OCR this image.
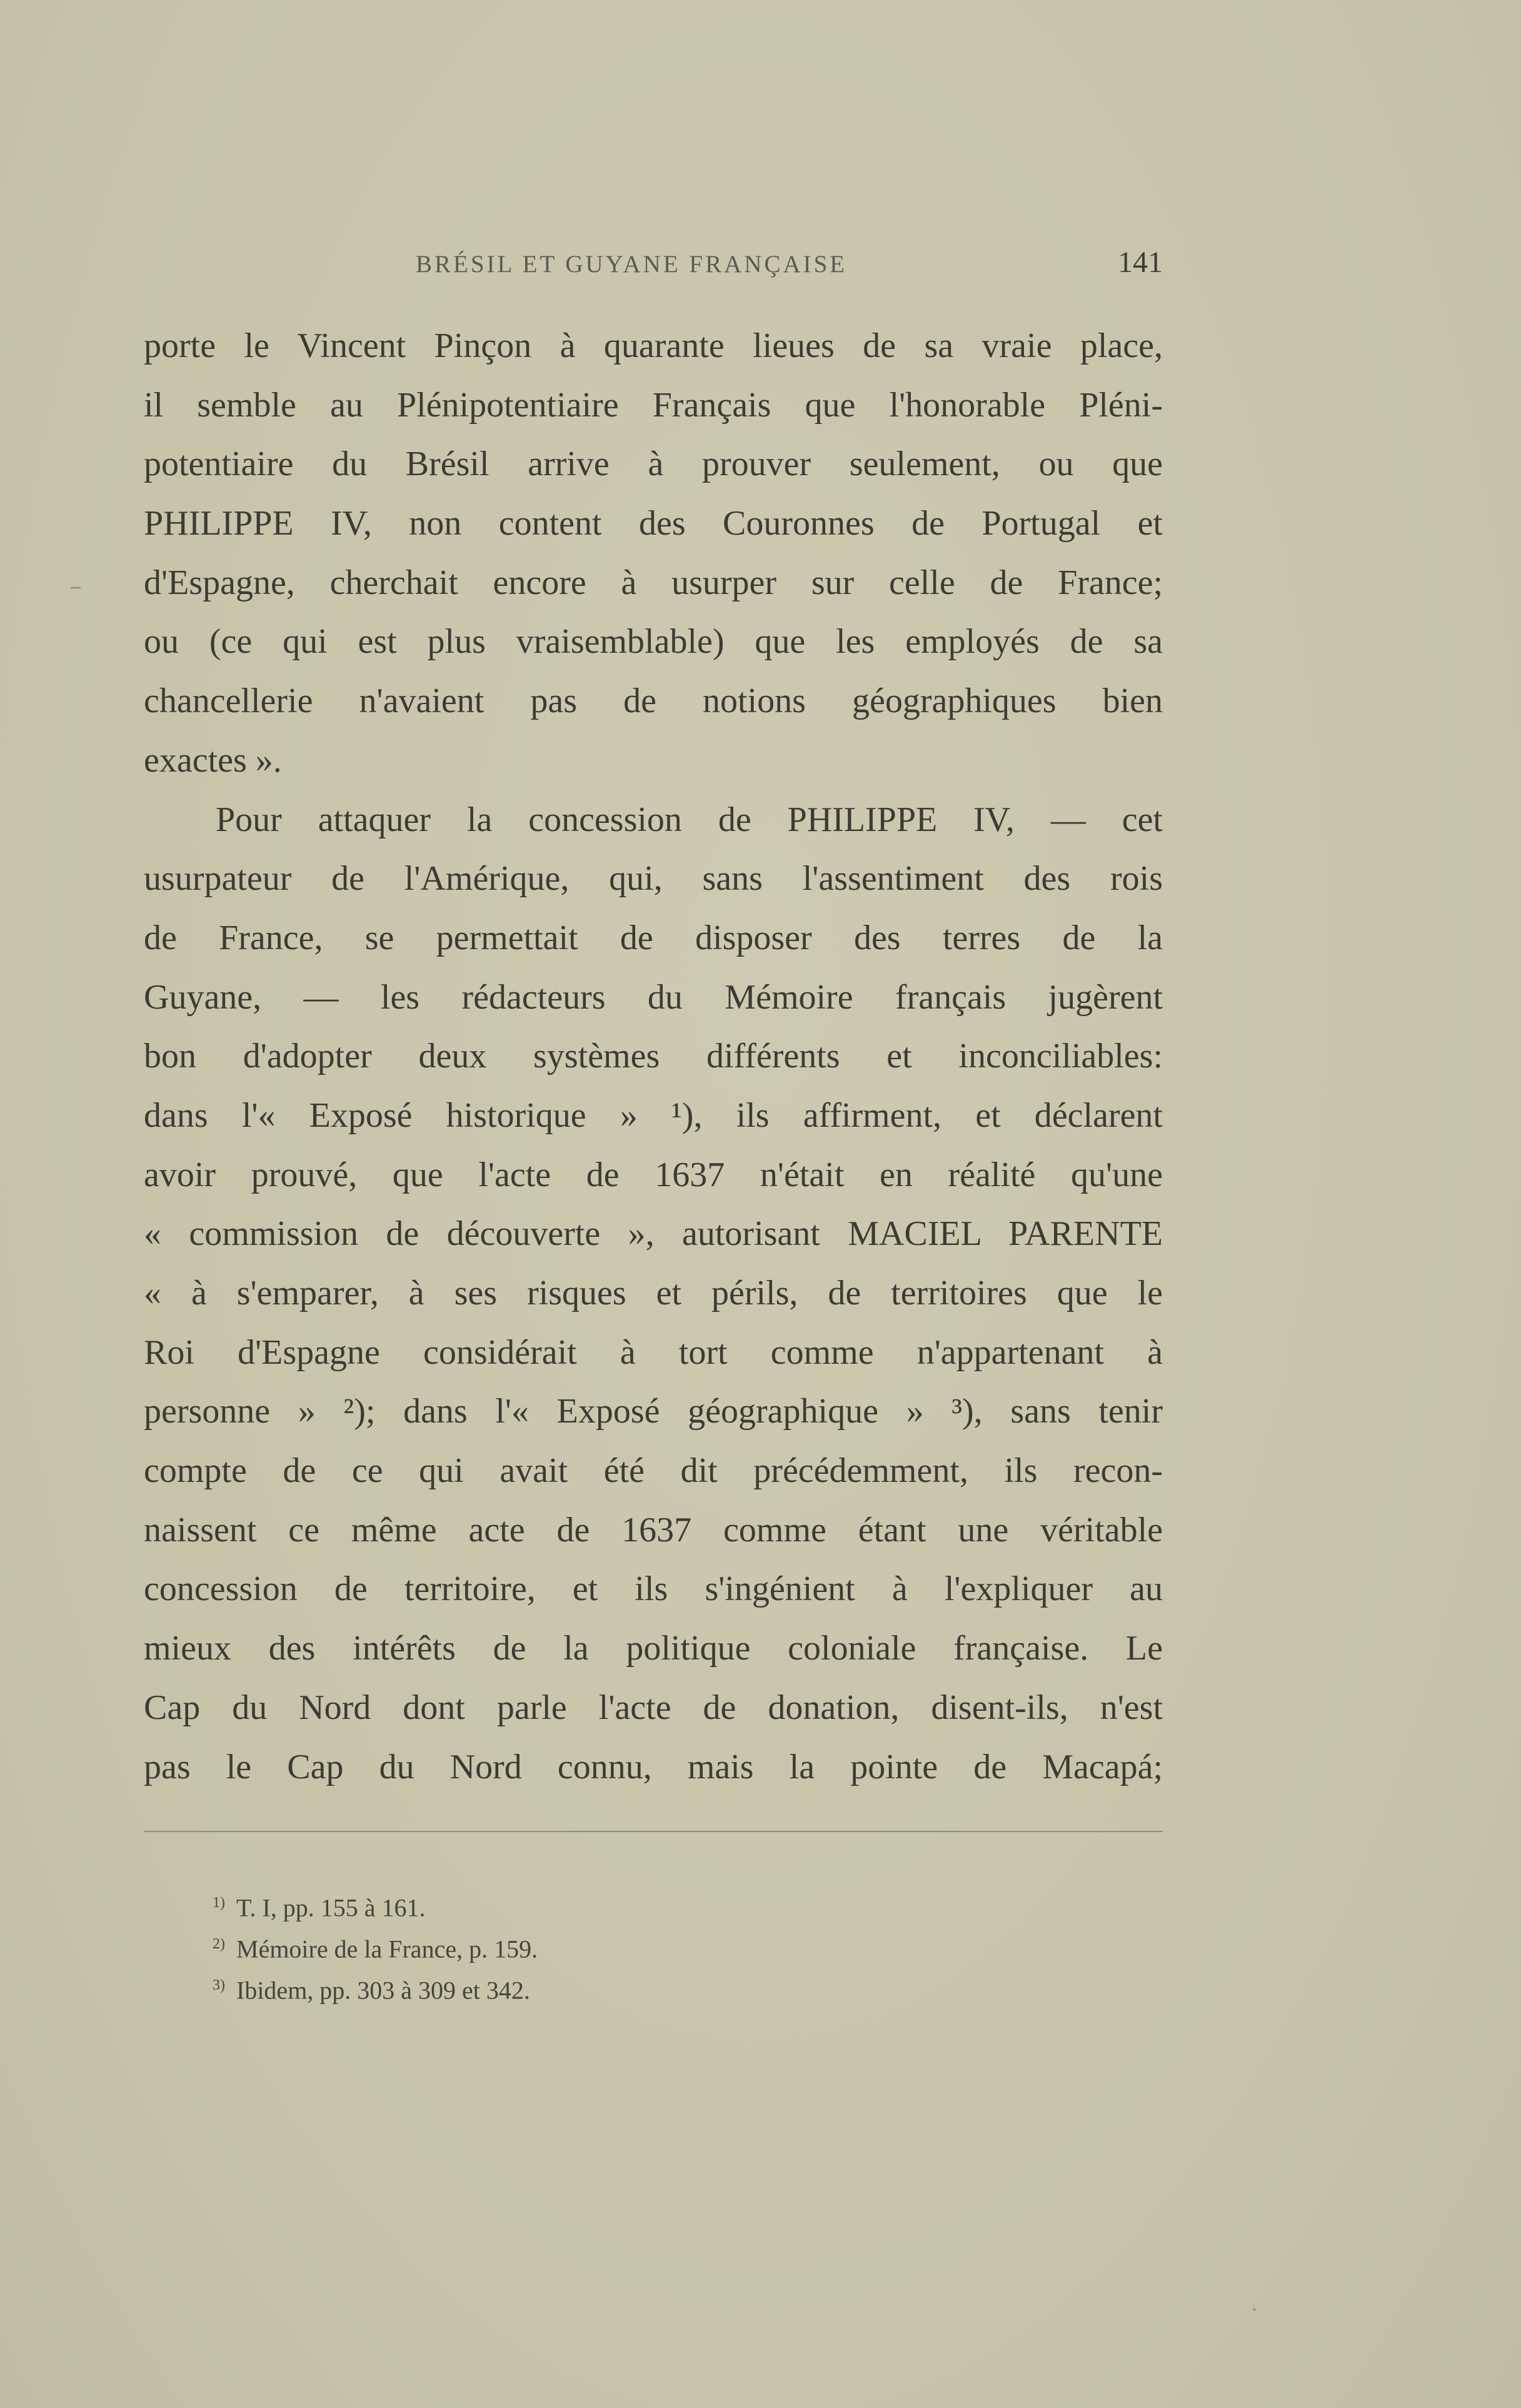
BRÉSIL ET GUYANE FRANÇAISE	141
porte le Vincent Pinçon à quarante lieues de sa vraie place,
il semble au Plénipotentiaire Français que l'honorable Pléni-
potentiaire du Brésil arrive à prouver seulement, ou que
PHILIPPE IV, non content des Couronnes de Portugal et
d'Espagne, cherchait encore à usurper sur celle de France;
ou (ce qui est plus vraisemblable) que les employés de sa
chancellerie n'avaient pas de notions géographiques bien
exactes ».
Pour attaquer la concession de PHILIPPE IV, — cet
usurpateur de l'Amérique, qui, sans l'assentiment des rois
de France, se permettait de disposer des terres de la
Guyane, — les rédacteurs du Mémoire français jugèrent
bon d'adopter deux systèmes différents et inconciliables:
dans l'« Exposé historique » ¹), ils affirment, et déclarent
avoir prouvé, que l'acte de 1637 n'était en réalité qu'une
« commission de découverte », autorisant MACIEL PARENTE
« à s'emparer, à ses risques et périls, de territoires que le
Roi d'Espagne considérait à tort comme n'appartenant à
personne » ²); dans l'« Exposé géographique » ³), sans tenir
compte de ce qui avait été dit précédemment, ils recon-
naissent ce même acte de 1637 comme étant une véritable
concession de territoire, et ils s'ingénient à l'expliquer au
mieux des intérêts de la politique coloniale française. Le
Cap du Nord dont parle l'acte de donation, disent-ils, n'est
pas le Cap du Nord connu, mais la pointe de Macapá;
$^{1)}$ T. I, pp. 155 à 161.
$^{2)}$ Mémoire de la France, p. 159.
$^{3)}$ Ibidem, pp. 303 à 309 et 342.
